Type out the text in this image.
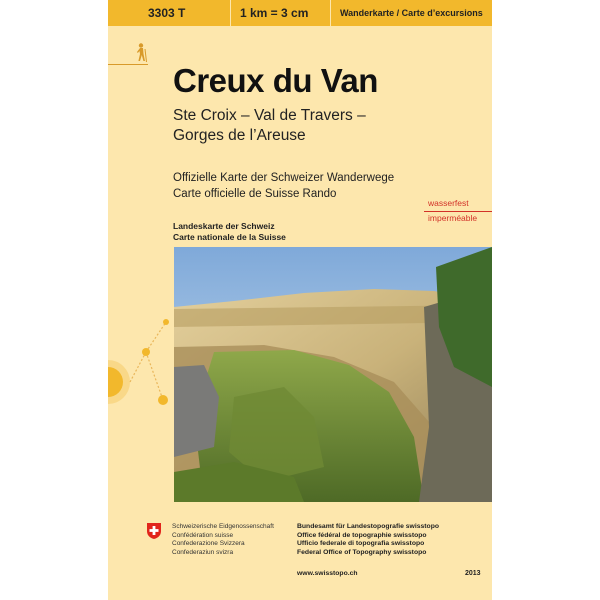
3303 T	1 km = 3 cm	Wanderkarte / Carte d’excursions
Creux du Van
Ste Croix – Val de Travers –
Gorges de l’Areuse
Offizielle Karte der Schweizer Wanderwege
Carte officielle de Suisse Rando
wasserfest
imperméable
Landeskarte der Schweiz
Carte nationale de la Suisse
Schweizerische Eidgenossenschaft
Confédération suisse
Confederazione Svizzera
Confederaziun svizra
Bundesamt für Landestopografie swisstopo
Office fédéral de topographie swisstopo
Ufficio federale di topografia swisstopo
Federal Office of Topography swisstopo
www.swisstopo.ch	2013
